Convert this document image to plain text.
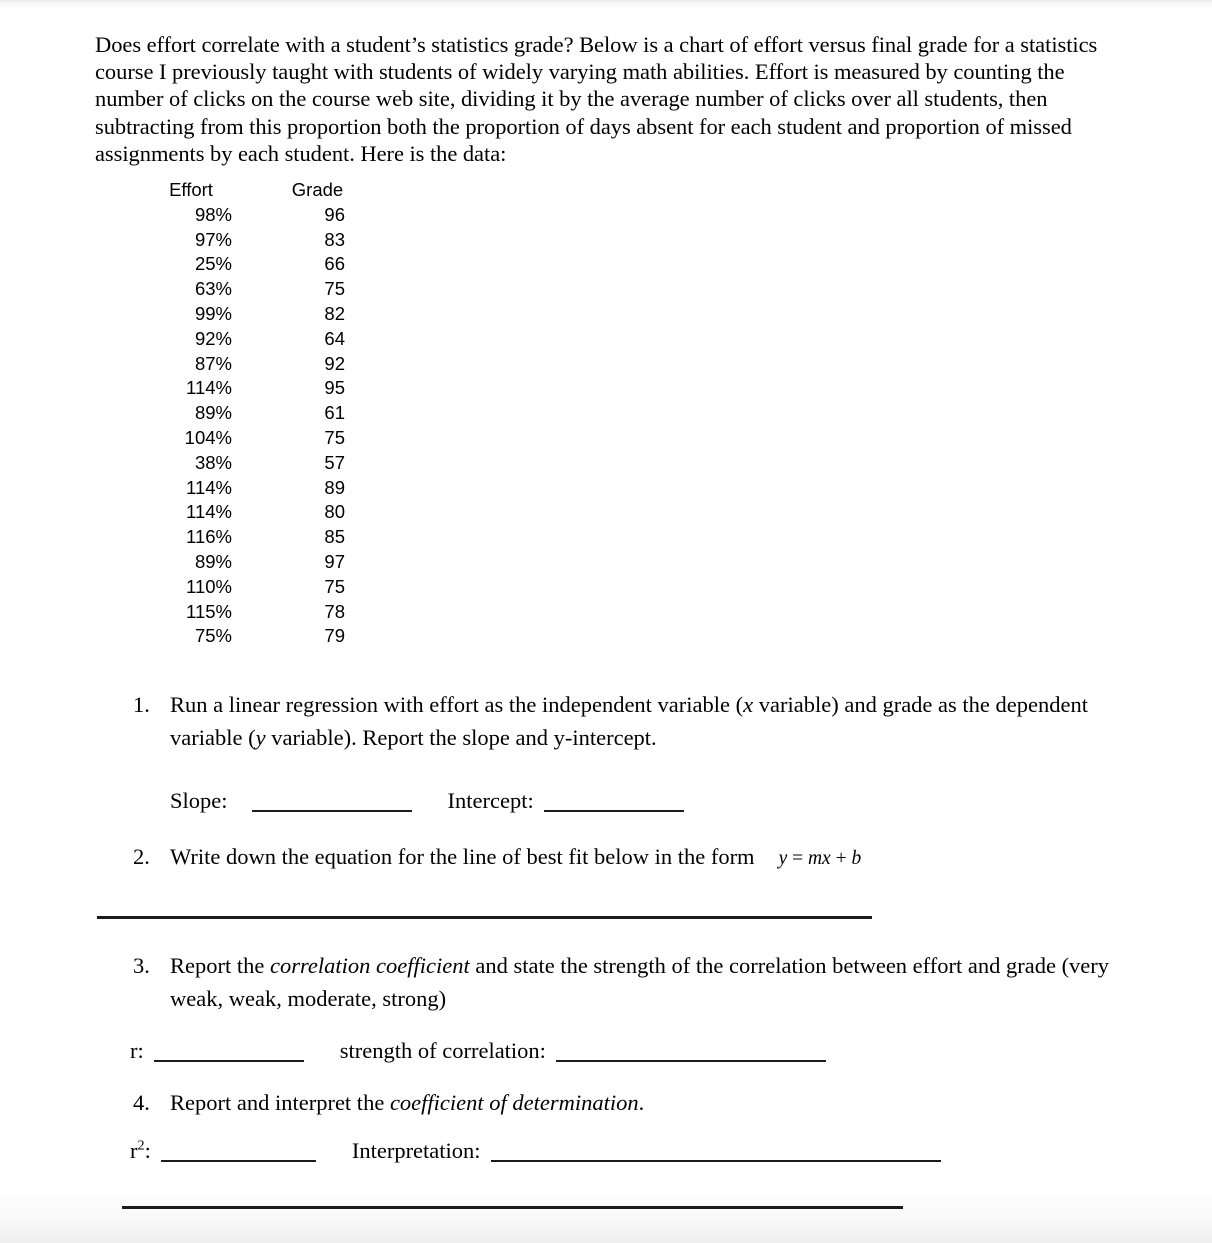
Does effort correlate with a student’s statistics grade? Below is a chart of effort versus final grade for a statistics course I previously taught with students of widely varying math abilities. Effort is measured by counting the number of clicks on the course web site, dividing it by the average number of clicks over all students, then subtracting from this proportion both the proportion of days absent for each student and proportion of missed assignments by each student. Here is the data:

Effort		Grade
98%		96
97%		83
25%		66
63%		75
99%		82
92%		64
87%		92
114%		95
89%		61
104%		75
38%		57
114%		89
114%		80
116%		85
89%		97
110%		75
115%		78
75%		79
1. Run a linear regression with effort as the independent variable (x variable) and grade as the dependent variable (y variable). Report the slope and y-intercept.
Slope:	Intercept:
2. Write down the equation for the line of best fit below in the form y = mx + b
3. Report the correlation coefficient and state the strength of the correlation between effort and grade (very weak, weak, moderate, strong)
r:	strength of correlation:
4. Report and interpret the coefficient of determination.
$r^2$:	Interpretation:
